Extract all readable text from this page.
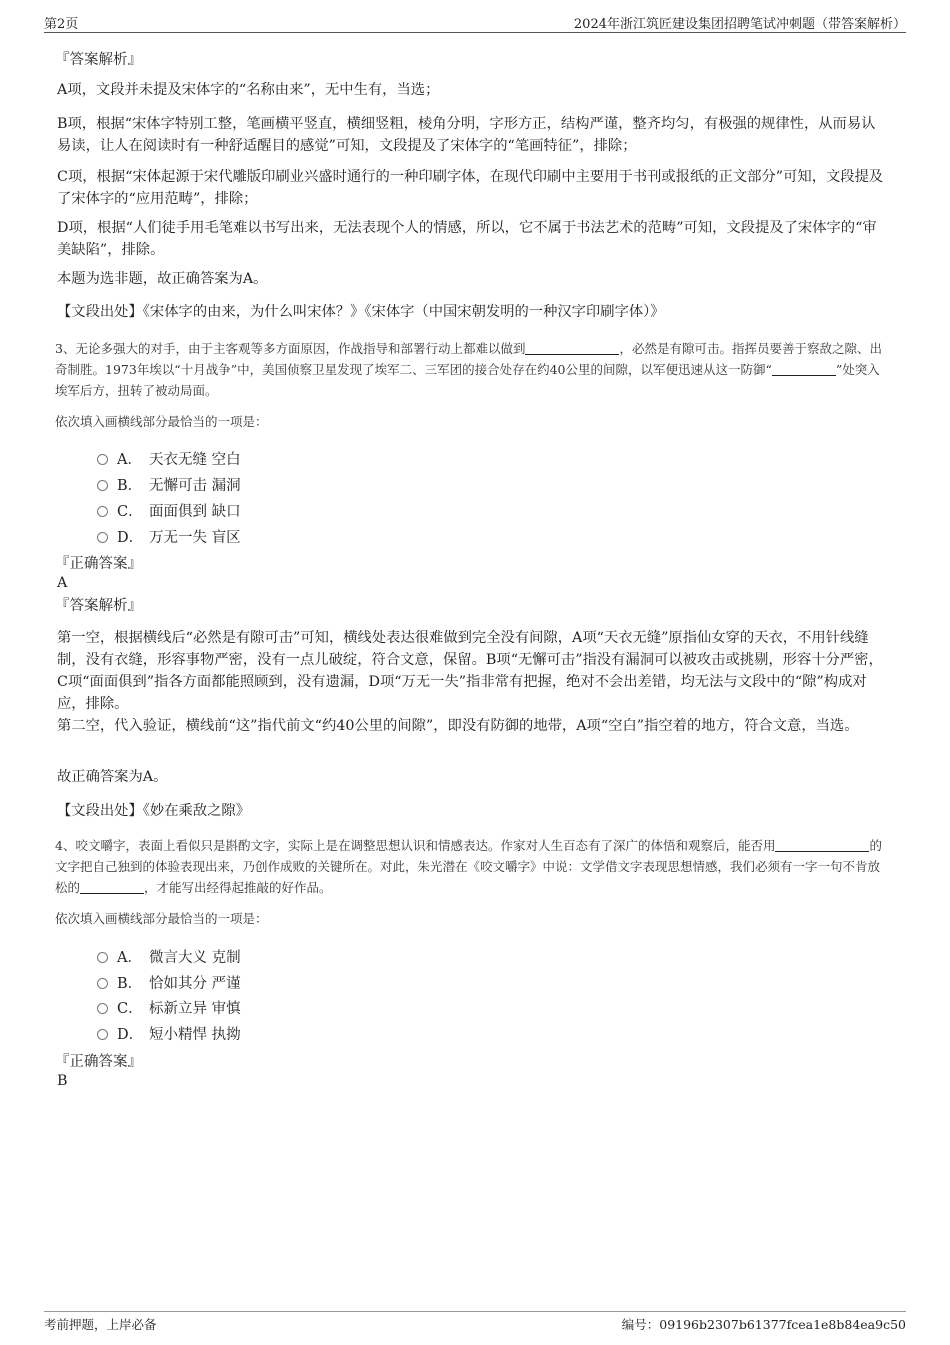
第2页	2024年浙江筑匠建设集团招聘笔试冲刺题（带答案解析）
『答案解析』

A项，文段并未提及宋体字的“名称由来”，无中生有，当选；

B项，根据“宋体字特别工整，笔画横平竖直，横细竖粗，棱角分明，字形方正，结构严谨，整齐均匀，有极强的规律性，从而易认易读，让人在阅读时有一种舒适醒目的感觉”可知，文段提及了宋体字的“笔画特征”，排除；

C项，根据“宋体起源于宋代雕版印刷业兴盛时通行的一种印刷字体，在现代印刷中主要用于书刊或报纸的正文部分”可知，文段提及了宋体字的“应用范畴”，排除；

D项，根据“人们徒手用毛笔难以书写出来，无法表现个人的情感，所以，它不属于书法艺术的范畴”可知，文段提及了宋体字的“审美缺陷”，排除。

本题为选非题，故正确答案为A。

【文段出处】《宋体字的由来，为什么叫宋体？》《宋体字（中国宋朝发明的一种汉字印刷字体）》

3、无论多强大的对手，由于主客观等多方面原因，作战指导和部署行动上都难以做到	，必然是有隙可击。指挥员要善于察敌之隙、出奇制胜。1973年埃以“十月战争”中，美国侦察卫星发现了埃军二、三军团的接合处存在约40公里的间隙，以军便迅速从这一防御“	”处突入埃军后方，扭转了被动局面。

依次填入画横线部分最恰当的一项是：

A． 天衣无缝 空白
B． 无懈可击 漏洞
C． 面面俱到 缺口
D． 万无一失 盲区
『正确答案』
A
『答案解析』

第一空，根据横线后“必然是有隙可击”可知，横线处表达很难做到完全没有间隙，A项“天衣无缝”原指仙女穿的天衣，不用针线缝制，没有衣缝，形容事物严密，没有一点儿破绽，符合文意，保留。B项“无懈可击”指没有漏洞可以被攻击或挑剔，形容十分严密，C项“面面俱到”指各方面都能照顾到，没有遗漏，D项“万无一失”指非常有把握，绝对不会出差错，均无法与文段中的“隙”构成对应，排除。

第二空，代入验证，横线前“这”指代前文“约40公里的间隙”，即没有防御的地带，A项“空白”指空着的地方，符合文意，当选。

故正确答案为A。

【文段出处】《妙在乘敌之隙》

4、咬文嚼字，表面上看似只是斟酌文字，实际上是在调整思想认识和情感表达。作家对人生百态有了深广的体悟和观察后，能否用	的文字把自己独到的体验表现出来，乃创作成败的关键所在。对此，朱光潜在《咬文嚼字》中说：文学借文字表现思想情感，我们必须有一字一句不肯放松的	，才能写出经得起推敲的好作品。

依次填入画横线部分最恰当的一项是：

A． 微言大义 克制
B． 恰如其分 严谨
C． 标新立异 审慎
D． 短小精悍 执拗
『正确答案』
B
考前押题，上岸必备	编号：09196b2307b61377fcea1e8b84ea9c50
